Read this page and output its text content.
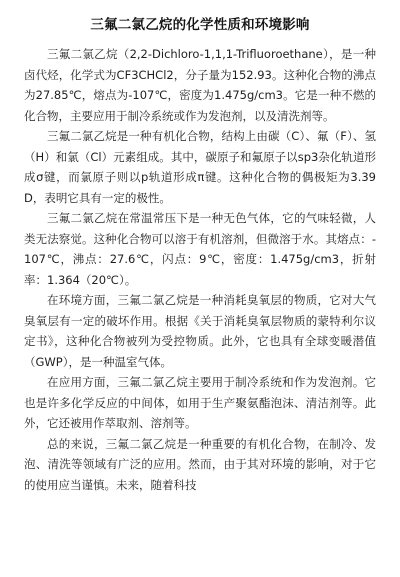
三氟二氯乙烷的化学性质和环境影响

三氟二氯乙烷（2,2-Dichloro-1,1,1-Trifluoroethane），是一种卤代烃，化学式为CF3CHCl2，分子量为152.93。这种化合物的沸点为27.85℃，熔点为-107℃，密度为1.475g/cm3。它是一种不燃的化合物，主要应用于制冷系统或作为发泡剂，以及清洗剂等。

三氟二氯乙烷是一种有机化合物，结构上由碳（C）、氟（F）、氢（H）和氯（Cl）元素组成。其中，碳原子和氟原子以sp3杂化轨道形成σ键，而氯原子则以p轨道形成π键。这种化合物的偶极矩为3.39D，表明它具有一定的极性。

三氟二氯乙烷在常温常压下是一种无色气体，它的气味轻微，人类无法察觉。这种化合物可以溶于有机溶剂，但微溶于水。其熔点：-107℃，沸点：27.6℃，闪点：9℃，密度：1.475g/cm3，折射率：1.364（20℃）。

在环境方面，三氟二氯乙烷是一种消耗臭氧层的物质，它对大气臭氧层有一定的破坏作用。根据《关于消耗臭氧层物质的蒙特利尔议定书》，这种化合物被列为受控物质。此外，它也具有全球变暖潜值（GWP），是一种温室气体。

在应用方面，三氟二氯乙烷主要用于制冷系统和作为发泡剂。它也是许多化学反应的中间体，如用于生产聚氨酯泡沫、清洁剂等。此外，它还被用作萃取剂、溶剂等。

总的来说，三氟二氯乙烷是一种重要的有机化合物，在制冷、发泡、清洗等领域有广泛的应用。然而，由于其对环境的影响，对于它的使用应当谨慎。未来，随着科技
